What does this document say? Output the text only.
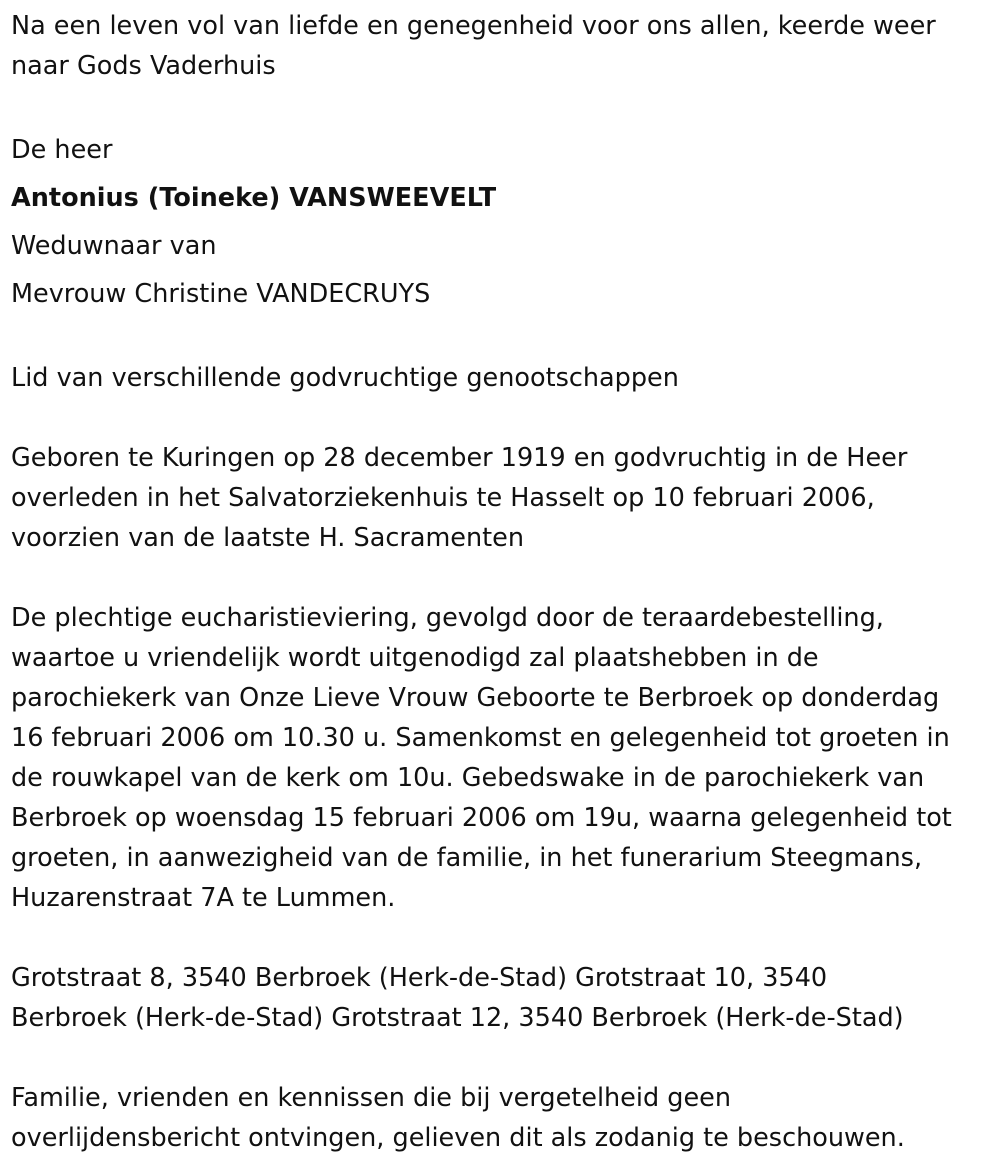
Na een leven vol van liefde en genegenheid voor ons allen, keerde weer
naar Gods Vaderhuis
De heer
Antonius (Toineke) VANSWEEVELT
Weduwnaar van
Mevrouw Christine VANDECRUYS
Lid van verschillende godvruchtige genootschappen
Geboren te Kuringen op 28 december 1919 en godvruchtig in de Heer
overleden in het Salvatorziekenhuis te Hasselt op 10 februari 2006,
voorzien van de laatste H. Sacramenten
De plechtige eucharistieviering, gevolgd door de teraardebestelling,
waartoe u vriendelijk wordt uitgenodigd zal plaatshebben in de
parochiekerk van Onze Lieve Vrouw Geboorte te Berbroek op donderdag
16 februari 2006 om 10.30 u. Samenkomst en gelegenheid tot groeten in
de rouwkapel van de kerk om 10u. Gebedswake in de parochiekerk van
Berbroek op woensdag 15 februari 2006 om 19u, waarna gelegenheid tot
groeten, in aanwezigheid van de familie, in het funerarium Steegmans,
Huzarenstraat 7A te Lummen.
Grotstraat 8, 3540 Berbroek (Herk-de-Stad) Grotstraat 10, 3540
Berbroek (Herk-de-Stad) Grotstraat 12, 3540 Berbroek (Herk-de-Stad)
Familie, vrienden en kennissen die bij vergetelheid geen
overlijdensbericht ontvingen, gelieven dit als zodanig te beschouwen.
